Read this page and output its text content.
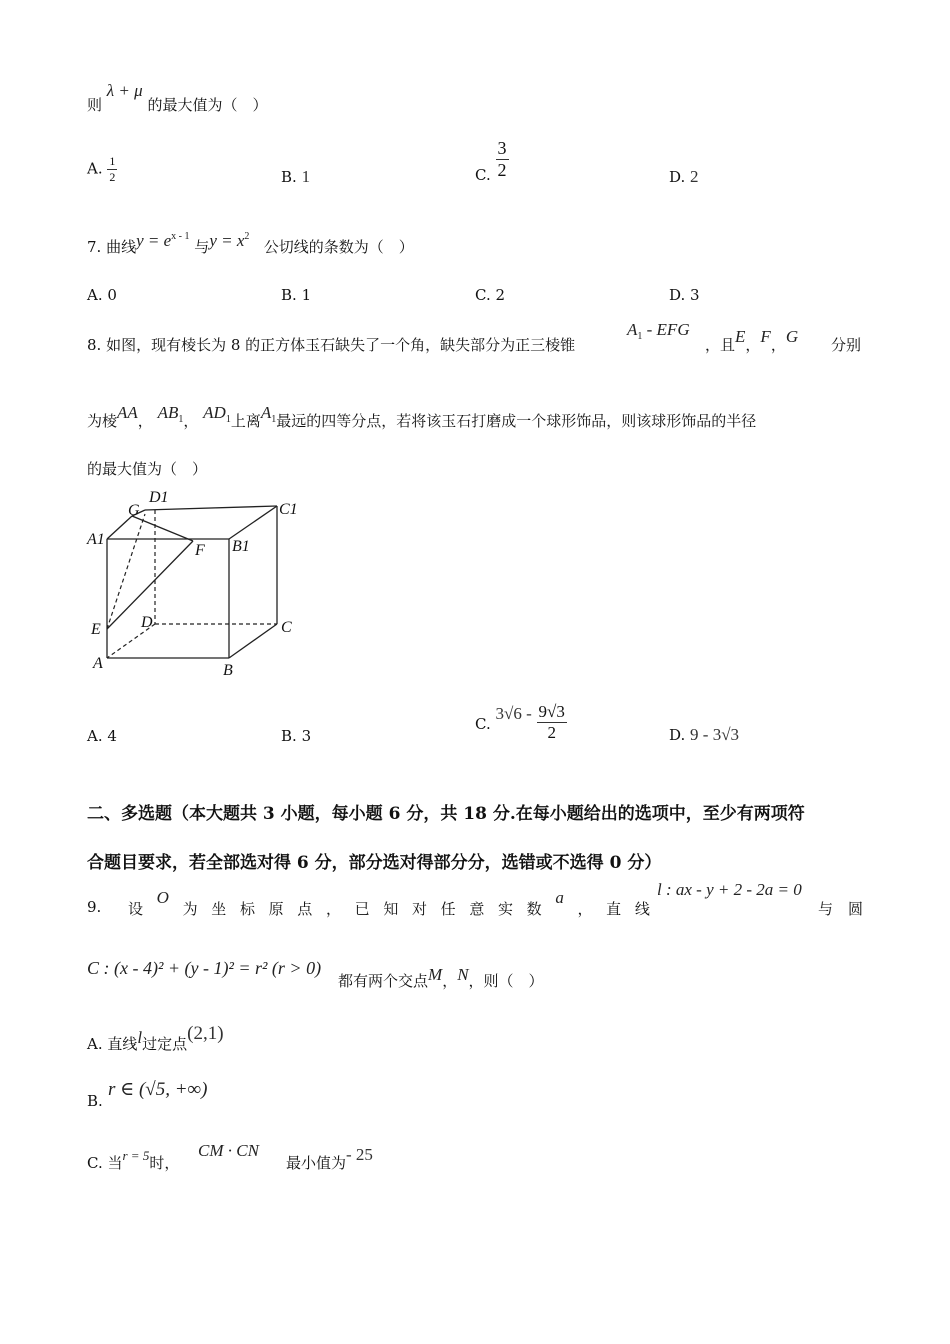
则 λ + μ 的最大值为（　）
A. $\frac{1}{2}$	B. 1	C. $\frac{3}{2}$	D. 2
7. 曲线$y = e^{x - 1}$ 与$y = x^2$   公切线的条数为（　）
A. 0	B. 1	C. 2	D. 3
8. 如图，现有棱长为 8 的正方体玉石缺失了一个角，缺失部分为正三棱锥
$A_1$ - EFG
，且E，F，G 分别
为棱AA， $AB_1$， $AD_1$上离$A_1$最远的四等分点，若将该玉石打磨成一个球形饰品，则该球形饰品的半径
的最大值为（　）
D1
G	C1
A1
F B1
E	D	C
A	B
A. 4	B. 3
C. $3√6 - \frac{9√3}{2}$	D. 9 - 3√3
二、多选题（本大题共 3 小题，每小题 6 分，共 18 分.在每小题给出的选项中，至少有两项符
合题目要求，若全部选对得 6 分，部分选对得部分分，选错或不选得 0 分）
9. 设
O
为 坐 标 原 点 ， 已 知 对 任 意 实 数
a
， 直 线
l : ax - y + 2 - 2a = 0
与　圆
C : (x - 4)² + (y - 1)² = r² (r > 0)
都有两个交点M，N，则（　）
A. 直线l过定点(2,1)
B.
r ∈ (√5, +∞)
C. 当r = 5时，
CM · CN
最小值为- 25
